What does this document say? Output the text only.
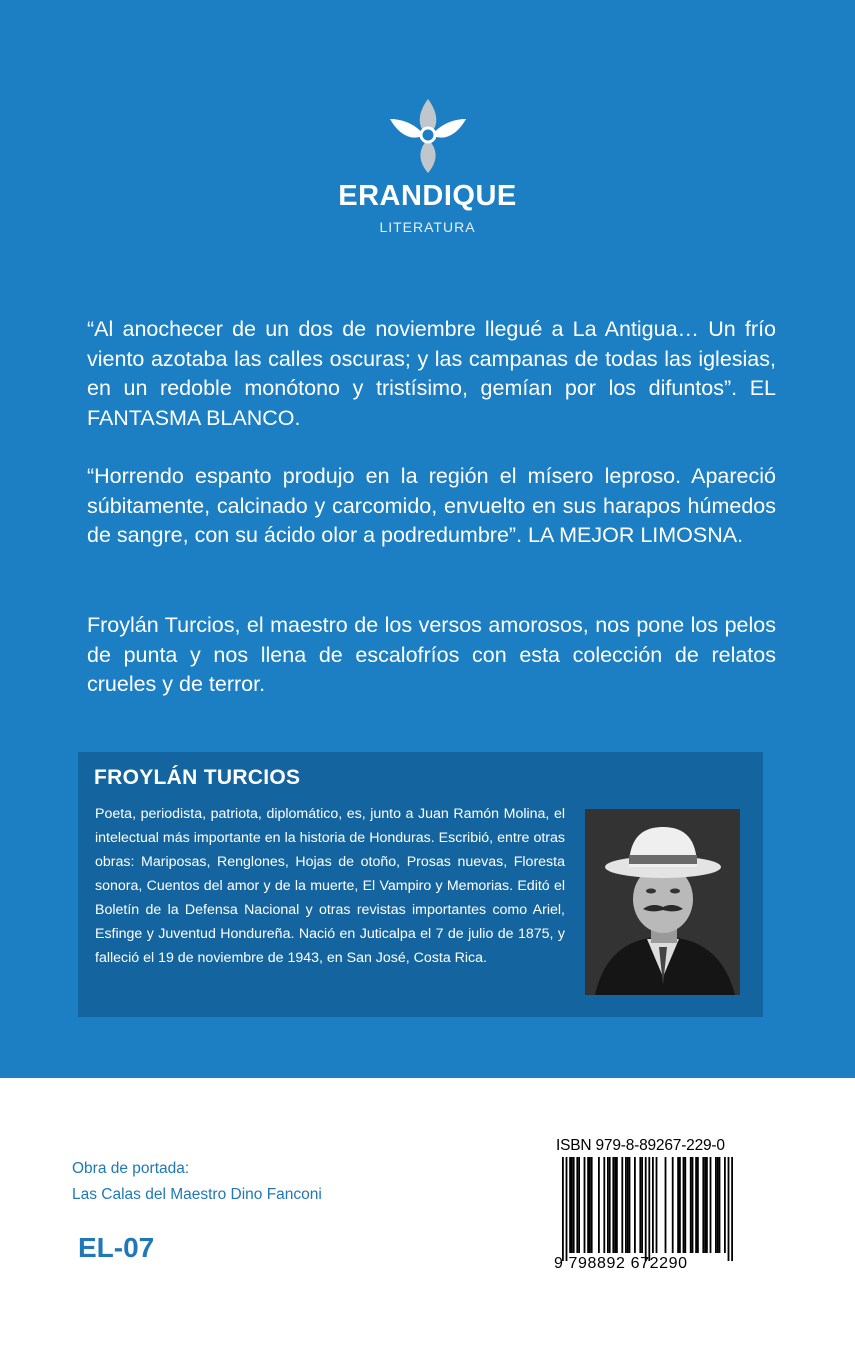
ERANDIQUE
LITERATURA

“Al anochecer de un dos de noviembre llegué a La Antigua… Un frío viento azotaba las calles oscuras; y las campanas de todas las iglesias, en un redoble monótono y tristísimo, gemían por los difuntos”. EL FANTASMA BLANCO.

“Horrendo espanto produjo en la región el mísero leproso. Apareció súbitamente, calcinado y carcomido, envuelto en sus harapos húmedos de sangre, con su ácido olor a podredumbre”. LA MEJOR LIMOSNA.

Froylán Turcios, el maestro de los versos amorosos, nos pone los pelos de punta y nos llena de escalofríos con esta colección de relatos crueles y de terror.

FROYLÁN TURCIOS

Poeta, periodista, patriota, diplomático, es, junto a Juan Ramón Molina, el intelectual más importante en la historia de Honduras. Escribió, entre otras obras: Mariposas, Renglones, Hojas de otoño, Prosas nuevas, Floresta sonora, Cuentos del amor y de la muerte, El Vampiro y Memorias. Editó el Boletín de la Defensa Nacional y otras revistas importantes como Ariel, Esfinge y Juventud Hondureña. Nació en Juticalpa el 7 de julio de 1875, y falleció el 19 de noviembre de 1943, en San José, Costa Rica.

Obra de portada:
Las Calas del Maestro Dino Fanconi
EL-07
ISBN 979-8-89267-229-0
9 798892 672290
